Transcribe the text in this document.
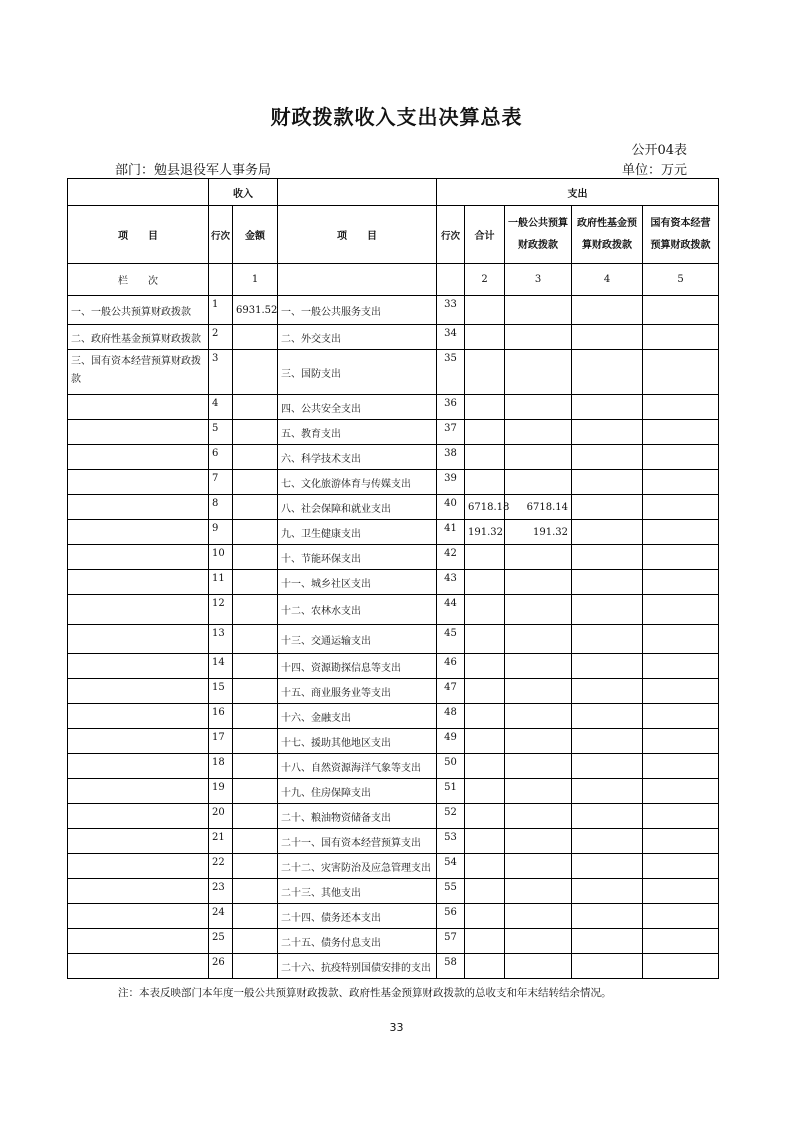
财政拨款收入支出决算总表
公开04表
部门：勉县退役军人事务局	单位：万元
	收入			支出				
项　　目	行次	金额	项　　目	行次	合计	一般公共预算财政拨款	政府性基金预算财政拨款	国有资本经营预算财政拨款
栏　　次		1			2	3	4	5
一、一般公共预算财政拨款	1	6931.52	一、一般公共服务支出	33				
二、政府性基金预算财政拨款	2		二、外交支出	34				
三、国有资本经营预算财政拨款	3		三、国防支出	35				
	4		四、公共安全支出	36				
	5		五、教育支出	37				
	6		六、科学技术支出	38				
	7		七、文化旅游体育与传媒支出	39				
	8		八、社会保障和就业支出	40	6718.18	6718.14		
	9		九、卫生健康支出	41	191.32	191.32		
	10		十、节能环保支出	42				
	11		十一、城乡社区支出	43				
	12		十二、农林水支出	44				
	13		十三、交通运输支出	45				
	14		十四、资源勘探信息等支出	46				
	15		十五、商业服务业等支出	47				
	16		十六、金融支出	48				
	17		十七、援助其他地区支出	49				
	18		十八、自然资源海洋气象等支出	50				
	19		十九、住房保障支出	51				
	20		二十、粮油物资储备支出	52				
	21		二十一、国有资本经营预算支出	53				
	22		二十二、灾害防治及应急管理支出	54				
	23		二十三、其他支出	55				
	24		二十四、债务还本支出	56				
	25		二十五、债务付息支出	57				
	26		二十六、抗疫特别国债安排的支出	58				
注：本表反映部门本年度一般公共预算财政拨款、政府性基金预算财政拨款的总收支和年末结转结余情况。
33
